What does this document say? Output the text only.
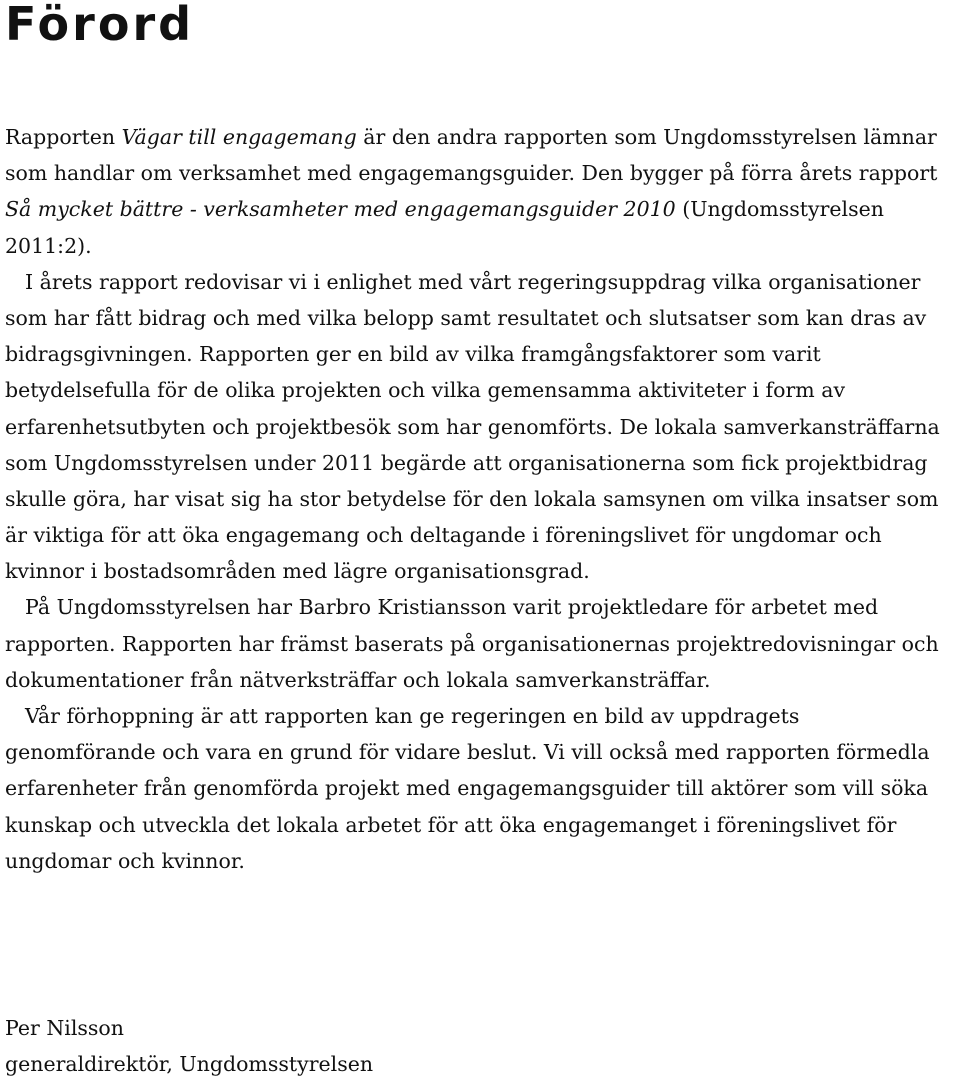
Förord

Rapporten Vägar till engagemang är den andra rapporten som Ungdomsstyrelsen lämnar
som handlar om verksamhet med engagemangsguider. Den bygger på förra årets rapport
Så mycket bättre - verksamheter med engagemangsguider 2010 (Ungdomsstyrelsen
2011:2).

I årets rapport redovisar vi i enlighet med vårt regeringsuppdrag vilka organisationer
som har fått bidrag och med vilka belopp samt resultatet och slutsatser som kan dras av
bidragsgivningen. Rapporten ger en bild av vilka framgångsfaktorer som varit
betydelsefulla för de olika projekten och vilka gemensamma aktiviteter i form av
erfarenhetsutbyten och projektbesök som har genomförts. De lokala samverkansträffarna
som Ungdomsstyrelsen under 2011 begärde att organisationerna som fick projektbidrag
skulle göra, har visat sig ha stor betydelse för den lokala samsynen om vilka insatser som
är viktiga för att öka engagemang och deltagande i föreningslivet för ungdomar och
kvinnor i bostadsområden med lägre organisationsgrad.

På Ungdomsstyrelsen har Barbro Kristiansson varit projektledare för arbetet med
rapporten. Rapporten har främst baserats på organisationernas projektredovisningar och
dokumentationer från nätverksträffar och lokala samverkansträffar.

Vår förhoppning är att rapporten kan ge regeringen en bild av uppdragets
genomförande och vara en grund för vidare beslut. Vi vill också med rapporten förmedla
erfarenheter från genomförda projekt med engagemangsguider till aktörer som vill söka
kunskap och utveckla det lokala arbetet för att öka engagemanget i föreningslivet för
ungdomar och kvinnor.

Per Nilsson
generaldirektör, Ungdomsstyrelsen
